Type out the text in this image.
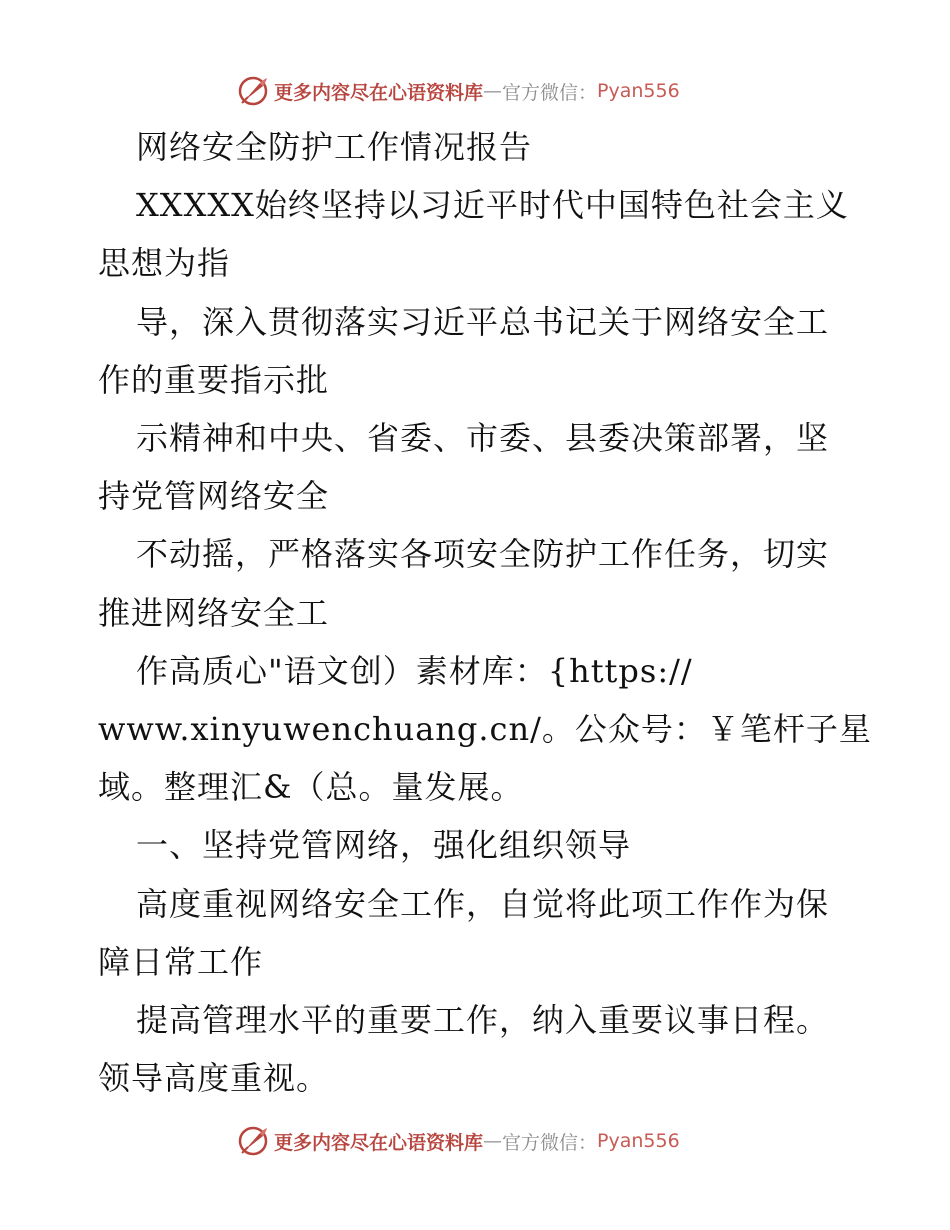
更多内容尽在心语资料库 — 官方微信： Pyan556
网络安全防护工作情况报告
XXXXX始终坚持以习近平时代中国特色社会主义
思想为指
导，深入贯彻落实习近平总书记关于网络安全工
作的重要指示批
示精神和中央、省委、市委、县委决策部署，坚
持党管网络安全
不动摇，严格落实各项安全防护工作任务，切实
推进网络安全工
作高质心"语文创）素材库：{https://
www.xinyuwenchuang.cn/。公众号：￥笔杆子星
域。整理汇&（总。量发展。
一、坚持党管网络，强化组织领导
高度重视网络安全工作，自觉将此项工作作为保
障日常工作
提高管理水平的重要工作，纳入重要议事日程。
领导高度重视。
更多内容尽在心语资料库 — 官方微信： Pyan556
